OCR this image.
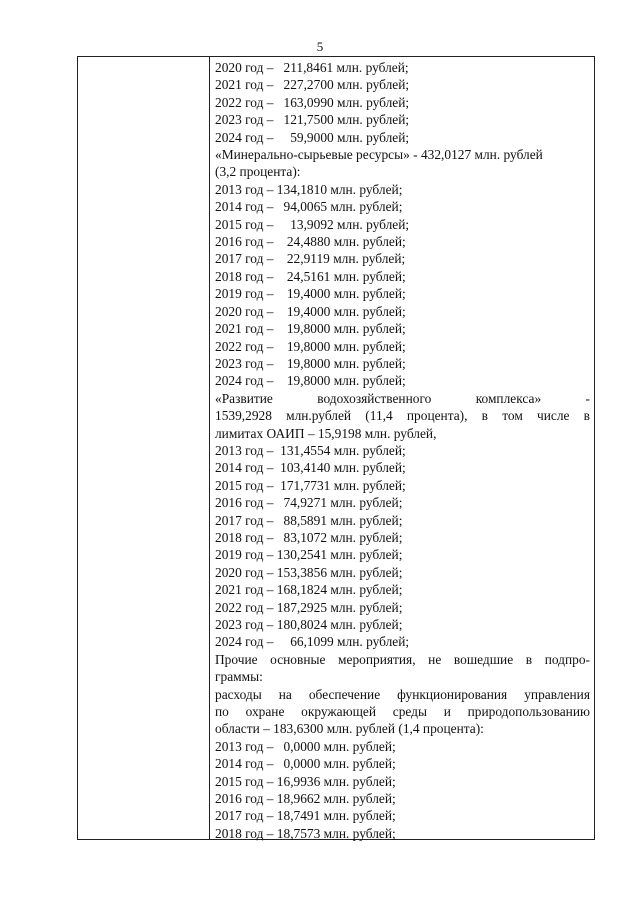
5
2020 год –   211,8461 млн. рублей;
2021 год –   227,2700 млн. рублей;
2022 год –   163,0990 млн. рублей;
2023 год –   121,7500 млн. рублей;
2024 год –     59,9000 млн. рублей;
«Минерально-сырьевые ресурсы» - 432,0127 млн. рублей
(3,2 процента):
2013 год – 134,1810 млн. рублей;
2014 год –   94,0065 млн. рублей;
2015 год –     13,9092 млн. рублей;
2016 год –    24,4880 млн. рублей;
2017 год –    22,9119 млн. рублей;
2018 год –    24,5161 млн. рублей;
2019 год –    19,4000 млн. рублей;
2020 год –    19,4000 млн. рублей;
2021 год –    19,8000 млн. рублей;
2022 год –    19,8000 млн. рублей;
2023 год –    19,8000 млн. рублей;
2024 год –    19,8000 млн. рублей;
«Развитие водохозяйственного комплекса» -
1539,2928 млн.рублей (11,4 процента), в том числе в
лимитах ОАИП – 15,9198 млн. рублей,
2013 год –  131,4554 млн. рублей;
2014 год –  103,4140 млн. рублей;
2015 год –  171,7731 млн. рублей;
2016 год –   74,9271 млн. рублей;
2017 год –   88,5891 млн. рублей;
2018 год –   83,1072 млн. рублей;
2019 год – 130,2541 млн. рублей;
2020 год – 153,3856 млн. рублей;
2021 год – 168,1824 млн. рублей;
2022 год – 187,2925 млн. рублей;
2023 год – 180,8024 млн. рублей;
2024 год –     66,1099 млн. рублей;
Прочие основные мероприятия, не вошедшие в подпро-
граммы:
расходы на обеспечение функционирования управления
по охране окружающей среды и природопользованию
области – 183,6300 млн. рублей (1,4 процента):
2013 год –   0,0000 млн. рублей;
2014 год –   0,0000 млн. рублей;
2015 год – 16,9936 млн. рублей;
2016 год – 18,9662 млн. рублей;
2017 год – 18,7491 млн. рублей;
2018 год – 18,7573 млн. рублей;
